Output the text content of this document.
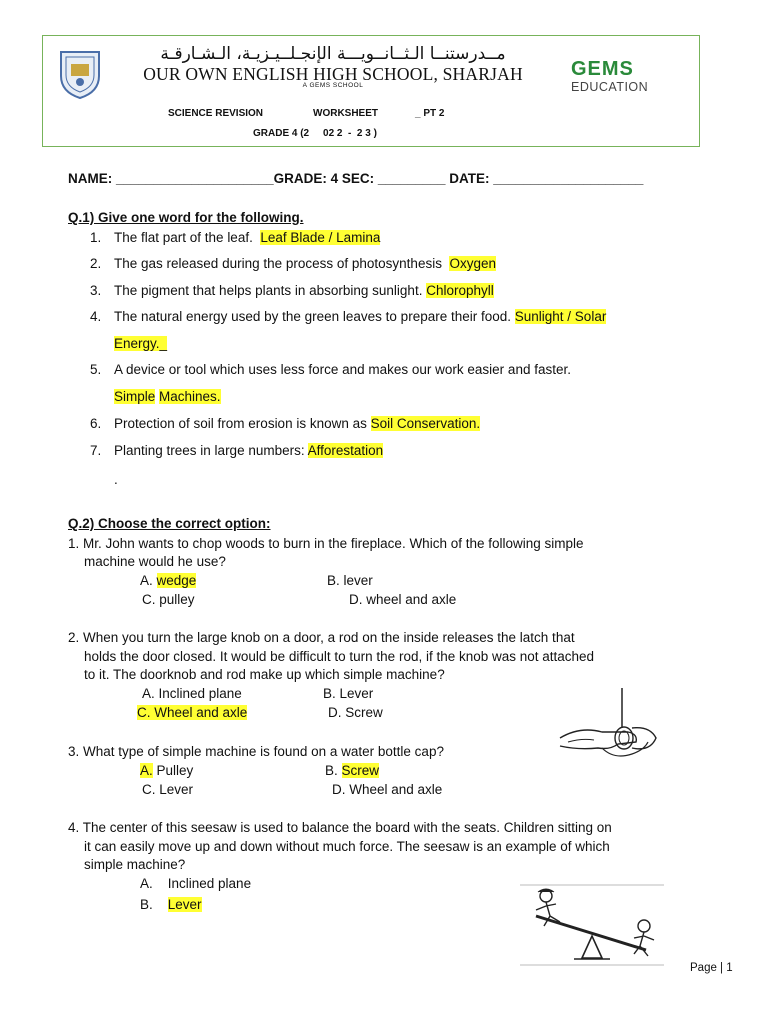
مــدرستنــا الـثــانــويـــة الإنجـلــيـزيـة، الـشـارقـة
OUR OWN ENGLISH HIGH SCHOOL, SHARJAH
A GEMS SCHOOL
GEMS
EDUCATION
SCIENCE REVISION	WORKSHEET	_ PT 2
GRADE 4 (2     02 2  -  2 3 )
NAME: _____________________GRADE: 4 SEC: _________ DATE: ____________________
Q.1) Give one word for the following.
1. The flat part of the leaf.  Leaf Blade / Lamina
2. The gas released during the process of photosynthesis  Oxygen
3. The pigment that helps plants in absorbing sunlight. Chlorophyll
4. The natural energy used by the green leaves to prepare their food. Sunlight / Solar
Energy._
5. A device or tool which uses less force and makes our work easier and faster.
Simple Machines.
6. Protection of soil from erosion is known as Soil Conservation.
7. Planting trees in large numbers: Afforestation
.
Q.2) Choose the correct option:
1. Mr. John wants to chop woods to burn in the fireplace. Which of the following simple
machine would he use?
A. wedge	B. lever
C. pulley	D. wheel and axle
2. When you turn the large knob on a door, a rod on the inside releases the latch that
holds the door closed. It would be difficult to turn the rod, if the knob was not attached
to it. The doorknob and rod make up which simple machine?
A. Inclined plane	B. Lever
C. Wheel and axle	D. Screw
3. What type of simple machine is found on a water bottle cap?
A. Pulley	B. Screw
C. Lever	D. Wheel and axle
4. The center of this seesaw is used to balance the board with the seats. Children sitting on
it can easily move up and down without much force. The seesaw is an example of which
simple machine?
A.    Inclined plane
B.    Lever
Page | 1
